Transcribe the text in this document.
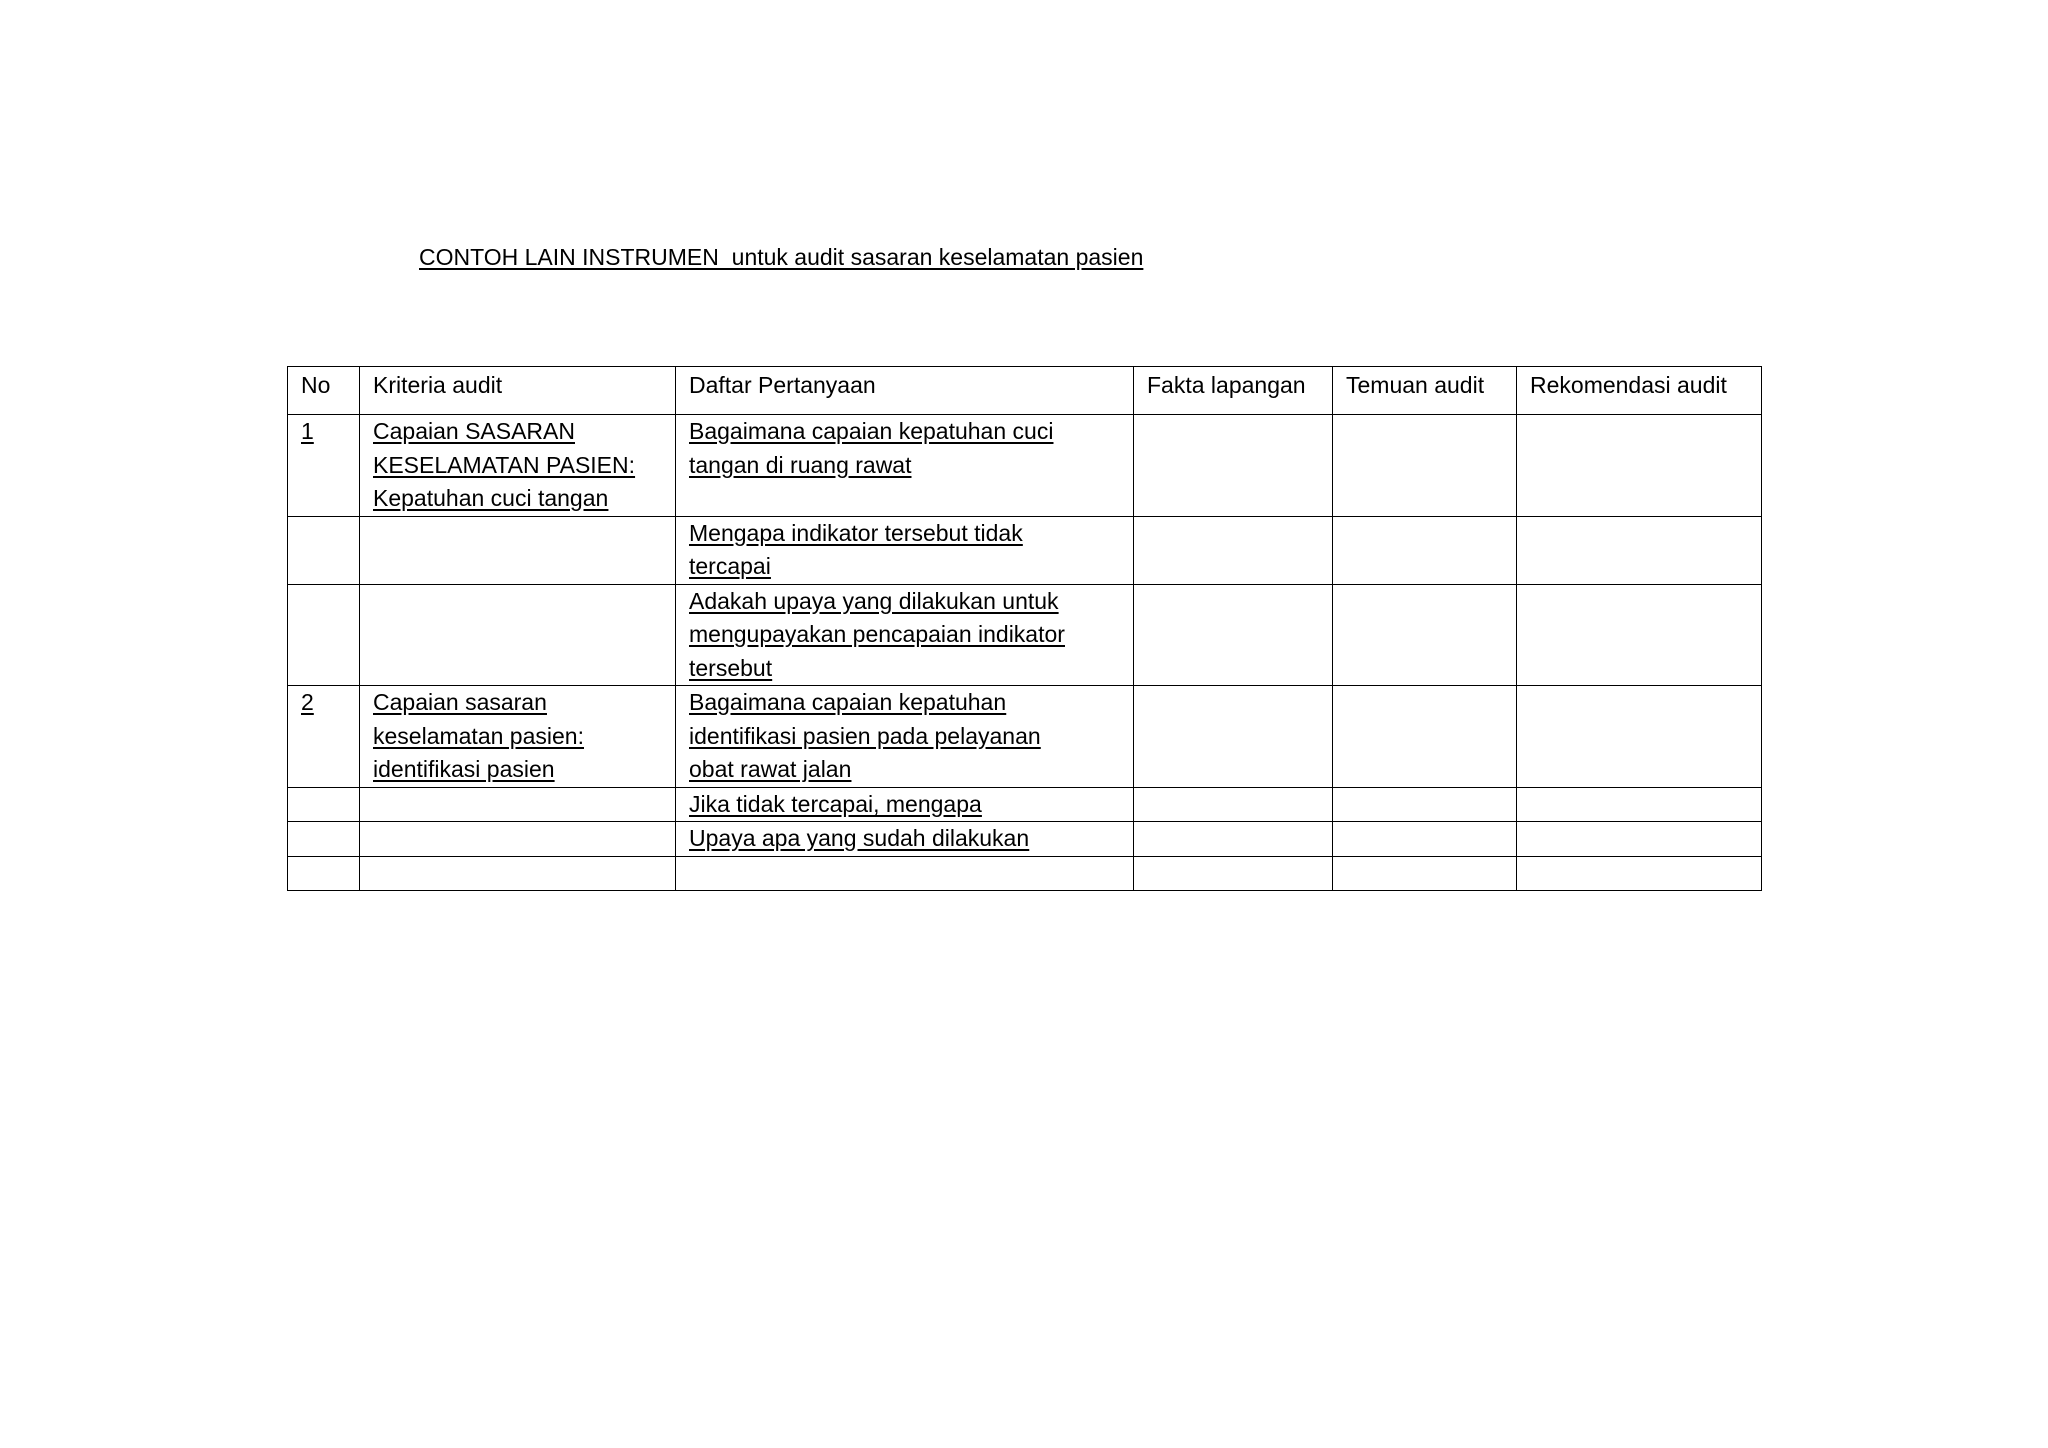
CONTOH LAIN INSTRUMEN  untuk audit sasaran keselamatan pasien
No	Kriteria audit	Daftar Pertanyaan	Fakta lapangan	Temuan audit	Rekomendasi audit
1	Capaian SASARAN
KESELAMATAN PASIEN:
Kepatuhan cuci tangan	Bagaimana capaian kepatuhan cuci
tangan di ruang rawat			

		Mengapa indikator tersebut tidak
tercapai			

		Adakah upaya yang dilakukan untuk
mengupayakan pencapaian indikator
tersebut			

2	Capaian sasaran
keselamatan pasien:
identifikasi pasien	Bagaimana capaian kepatuhan
identifikasi pasien pada pelayanan
obat rawat jalan			

		Jika tidak tercapai, mengapa			

		Upaya apa yang sudah dilakukan			
